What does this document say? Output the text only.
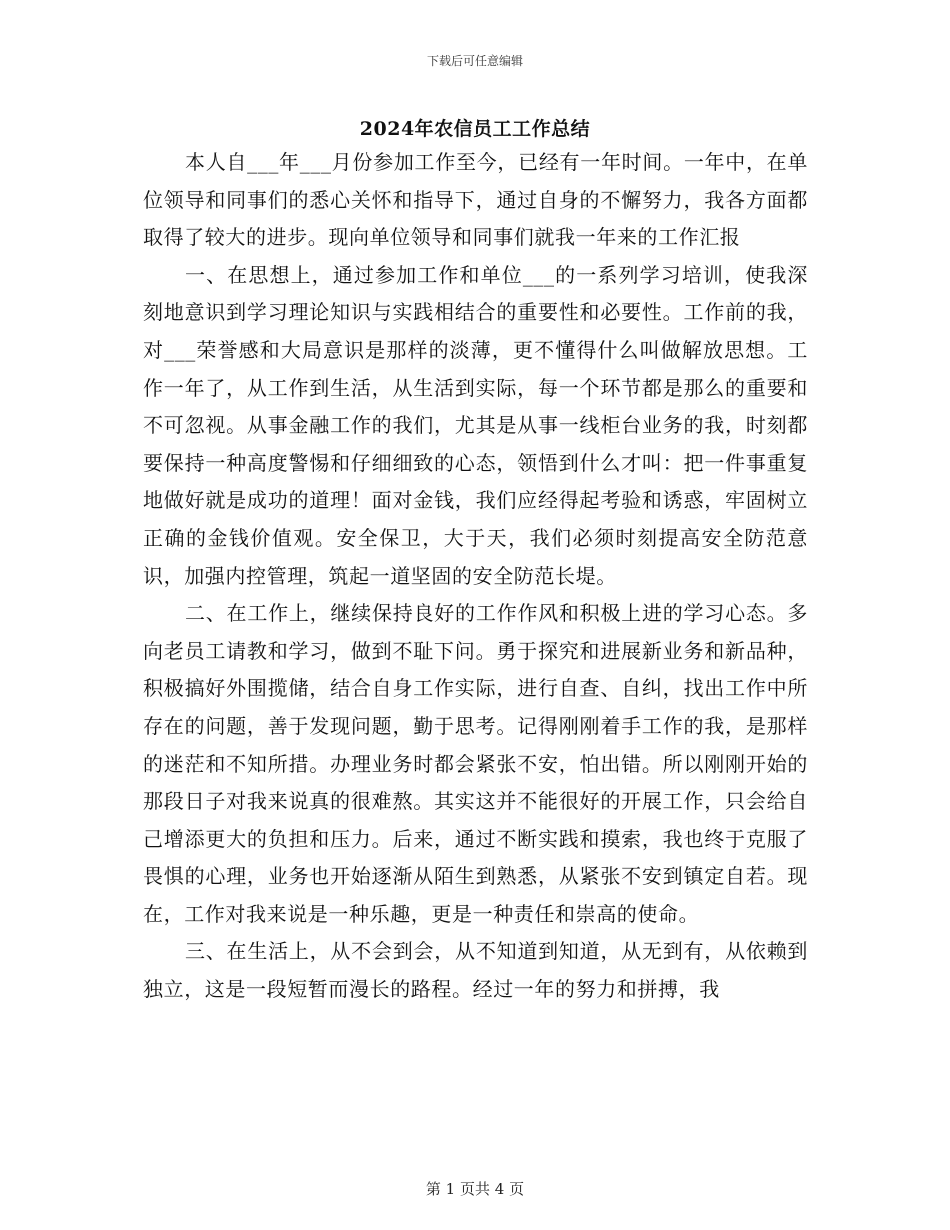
下载后可任意编辑
2024年农信员工工作总结

本人自___年___月份参加工作至今，已经有一年时间。一年中，在单位领导和同事们的悉心关怀和指导下，通过自身的不懈努力，我各方面都取得了较大的进步。现向单位领导和同事们就我一年来的工作汇报

一、在思想上，通过参加工作和单位___的一系列学习培训，使我深刻地意识到学习理论知识与实践相结合的重要性和必要性。工作前的我，对___荣誉感和大局意识是那样的淡薄，更不懂得什么叫做解放思想。工作一年了，从工作到生活，从生活到实际，每一个环节都是那么的重要和不可忽视。从事金融工作的我们，尤其是从事一线柜台业务的我，时刻都要保持一种高度警惕和仔细细致的心态，领悟到什么才叫：把一件事重复地做好就是成功的道理！面对金钱，我们应经得起考验和诱惑，牢固树立正确的金钱价值观。安全保卫，大于天，我们必须时刻提高安全防范意识，加强内控管理，筑起一道坚固的安全防范长堤。

二、在工作上，继续保持良好的工作作风和积极上进的学习心态。多向老员工请教和学习，做到不耻下问。勇于探究和进展新业务和新品种，积极搞好外围揽储，结合自身工作实际，进行自查、自纠，找出工作中所存在的问题，善于发现问题，勤于思考。记得刚刚着手工作的我，是那样的迷茫和不知所措。办理业务时都会紧张不安，怕出错。所以刚刚开始的那段日子对我来说真的很难熬。其实这并不能很好的开展工作，只会给自己增添更大的负担和压力。后来，通过不断实践和摸索，我也终于克服了畏惧的心理，业务也开始逐渐从陌生到熟悉，从紧张不安到镇定自若。现在，工作对我来说是一种乐趣，更是一种责任和崇高的使命。

三、在生活上，从不会到会，从不知道到知道，从无到有，从依赖到独立，这是一段短暂而漫长的路程。经过一年的努力和拼搏，我

第 1 页共 4 页
